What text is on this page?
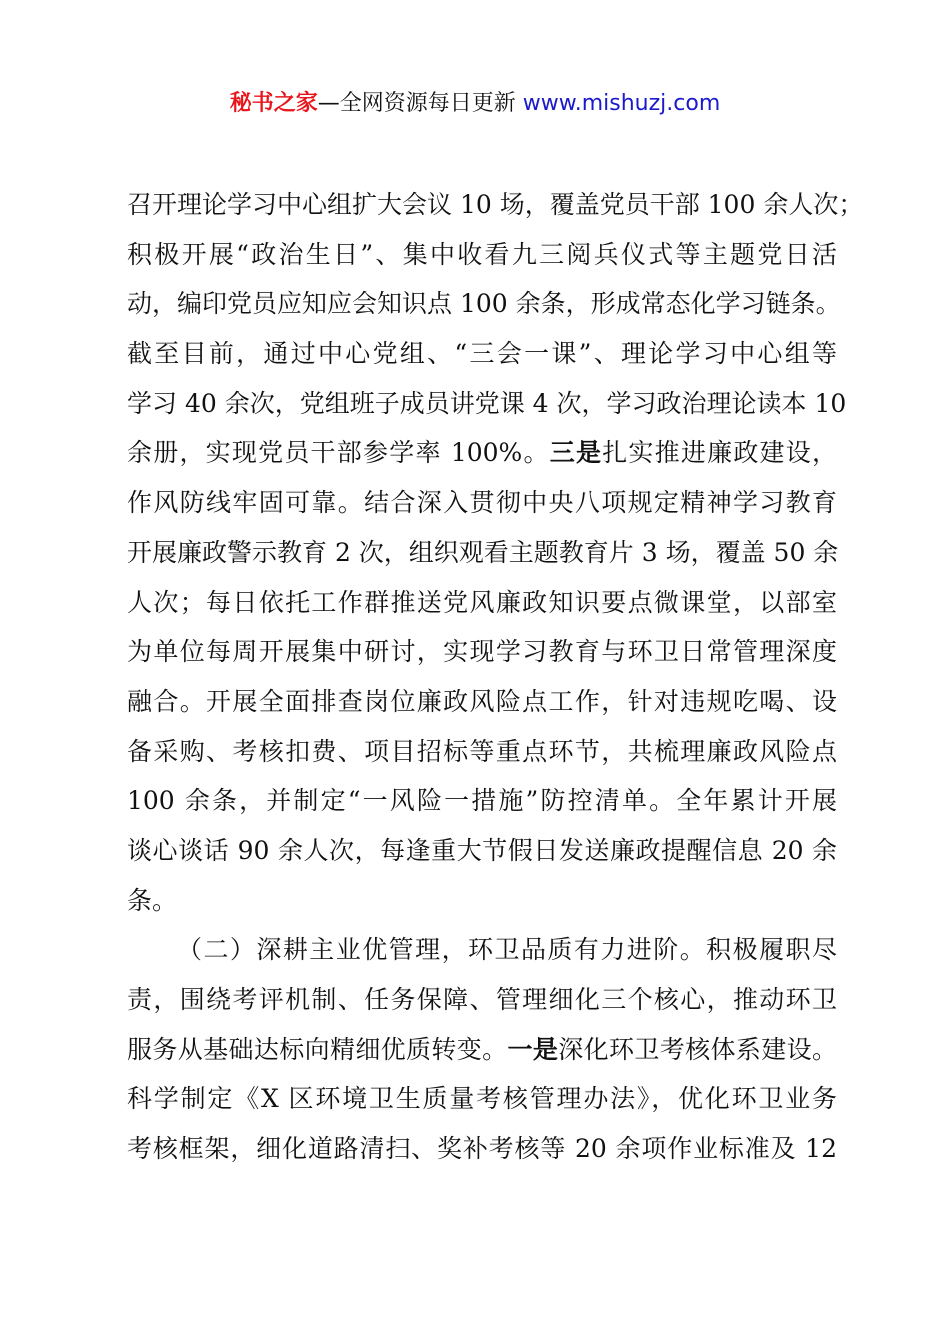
秘书之家—全网资源每日更新 www.mishuzj.com
召开理论学习中心组扩大会议 10 场，覆盖党员干部 100 余人次；
积极开展“政治生日”、集中收看九三阅兵仪式等主题党日活
动，编印党员应知应会知识点 100 余条，形成常态化学习链条。
截至目前，通过中心党组、“三会一课”、理论学习中心组等
学习 40 余次，党组班子成员讲党课 4 次，学习政治理论读本 10
余册，实现党员干部参学率 100%。三是扎实推进廉政建设，
作风防线牢固可靠。结合深入贯彻中央八项规定精神学习教育
开展廉政警示教育 2 次，组织观看主题教育片 3 场，覆盖 50 余
人次；每日依托工作群推送党风廉政知识要点微课堂，以部室
为单位每周开展集中研讨，实现学习教育与环卫日常管理深度
融合。开展全面排查岗位廉政风险点工作，针对违规吃喝、设
备采购、考核扣费、项目招标等重点环节，共梳理廉政风险点
100 余条，并制定“一风险一措施”防控清单。全年累计开展
谈心谈话 90 余人次，每逢重大节假日发送廉政提醒信息 20 余
条。
（二）深耕主业优管理，环卫品质有力进阶。积极履职尽
责，围绕考评机制、任务保障、管理细化三个核心，推动环卫
服务从基础达标向精细优质转变。一是深化环卫考核体系建设。
科学制定《X 区环境卫生质量考核管理办法》，优化环卫业务
考核框架，细化道路清扫、奖补考核等 20 余项作业标准及 12
